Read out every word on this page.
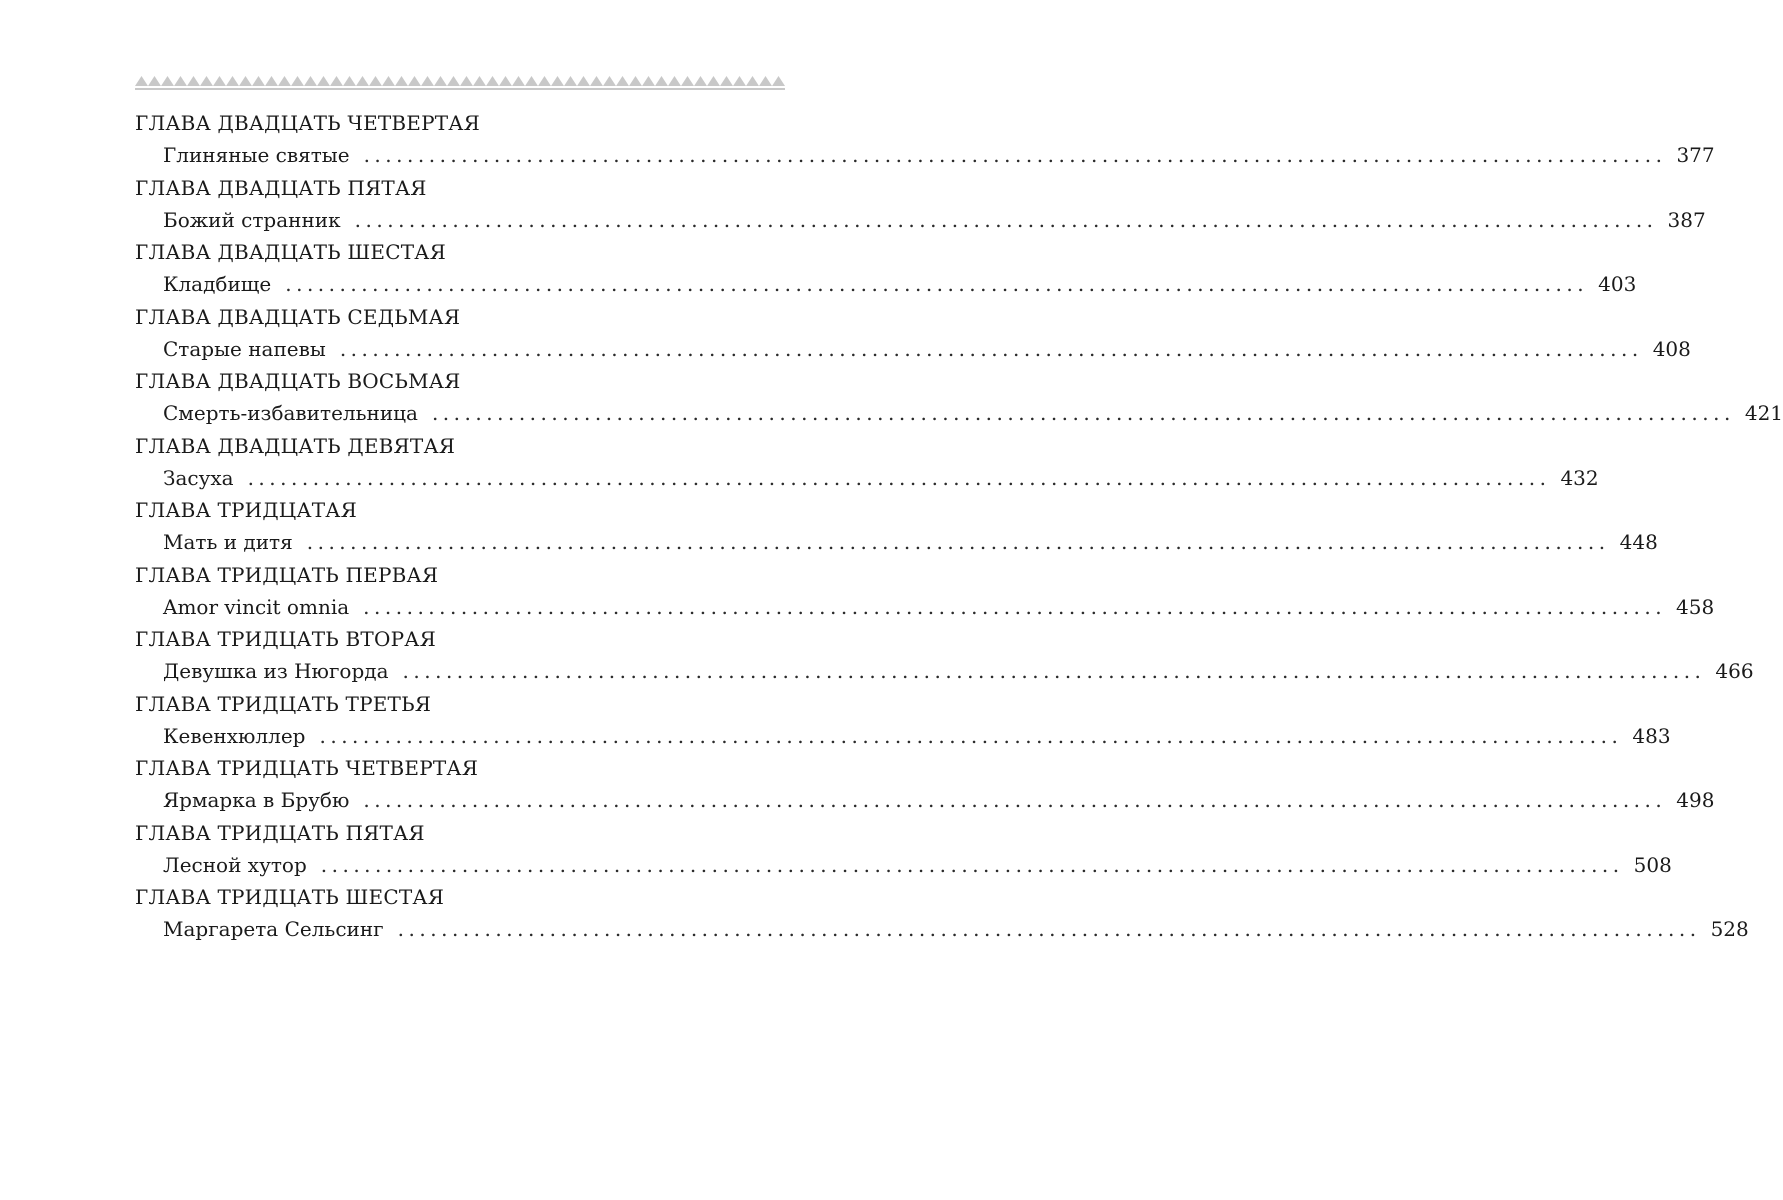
ГЛАВА ДВАДЦАТЬ ЧЕТВЕРТАЯ
Глиняные святые ........................................................................................................................ 377
ГЛАВА ДВАДЦАТЬ ПЯТАЯ
Божий странник ........................................................................................................................ 387
ГЛАВА ДВАДЦАТЬ ШЕСТАЯ
Кладбище ........................................................................................................................ 403
ГЛАВА ДВАДЦАТЬ СЕДЬМАЯ
Старые напевы ........................................................................................................................ 408
ГЛАВА ДВАДЦАТЬ ВОСЬМАЯ
Смерть-избавительница ........................................................................................................................ 421
ГЛАВА ДВАДЦАТЬ ДЕВЯТАЯ
Засуха ........................................................................................................................ 432
ГЛАВА ТРИДЦАТАЯ
Мать и дитя ........................................................................................................................ 448
ГЛАВА ТРИДЦАТЬ ПЕРВАЯ
Amor vincit omnia ........................................................................................................................ 458
ГЛАВА ТРИДЦАТЬ ВТОРАЯ
Девушка из Нюгорда ........................................................................................................................ 466
ГЛАВА ТРИДЦАТЬ ТРЕТЬЯ
Кевенхюллер ........................................................................................................................ 483
ГЛАВА ТРИДЦАТЬ ЧЕТВЕРТАЯ
Ярмарка в Брубю ........................................................................................................................ 498
ГЛАВА ТРИДЦАТЬ ПЯТАЯ
Лесной хутор ........................................................................................................................ 508
ГЛАВА ТРИДЦАТЬ ШЕСТАЯ
Маргарета Сельсинг ........................................................................................................................ 528
